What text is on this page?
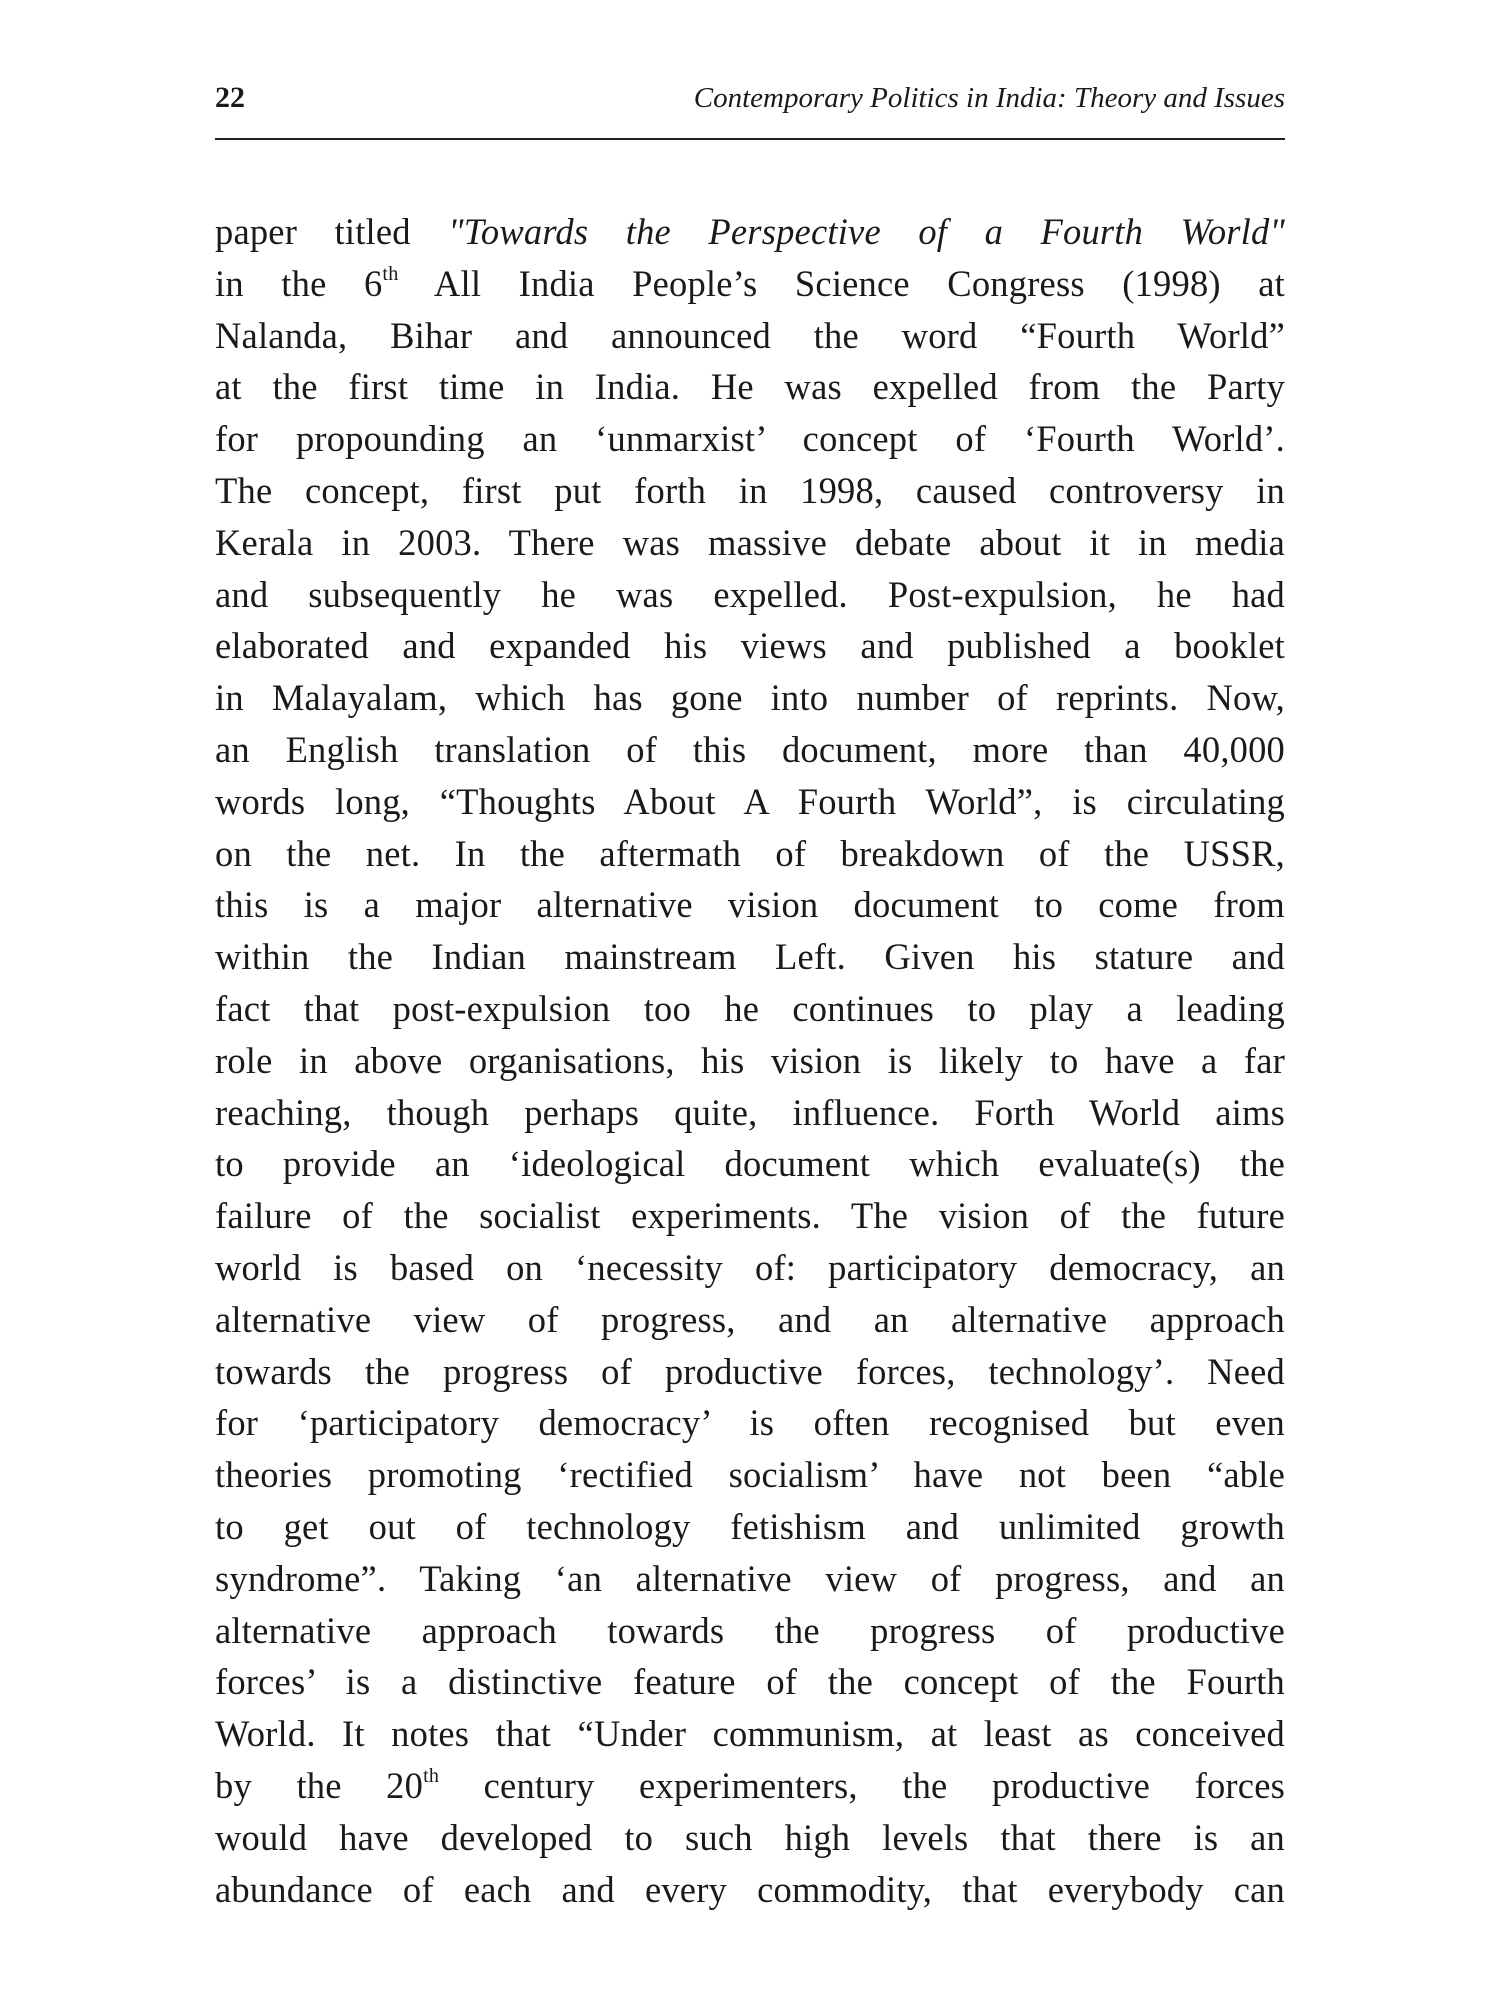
22	Contemporary Politics in India: Theory and Issues
paper titled "Towards the Perspective of a Fourth World"
in the 6th All India People’s Science Congress (1998) at
Nalanda, Bihar and announced the word “Fourth World”
at the first time in India. He was expelled from the Party
for propounding an ‘unmarxist’ concept of ‘Fourth World’.
The concept, first put forth in 1998, caused controversy in
Kerala in 2003. There was massive debate about it in media
and subsequently he was expelled. Post-expulsion, he had
elaborated and expanded his views and published a booklet
in Malayalam, which has gone into number of reprints. Now,
an English translation of this document, more than 40,000
words long, “Thoughts About A Fourth World”, is circulating
on the net. In the aftermath of breakdown of the USSR,
this is a major alternative vision document to come from
within the Indian mainstream Left. Given his stature and
fact that post-expulsion too he continues to play a leading
role in above organisations, his vision is likely to have a far
reaching, though perhaps quite, influence. Forth World aims
to provide an ‘ideological document which evaluate(s) the
failure of the socialist experiments. The vision of the future
world is based on ‘necessity of: participatory democracy, an
alternative view of progress, and an alternative approach
towards the progress of productive forces, technology’. Need
for ‘participatory democracy’ is often recognised but even
theories promoting ‘rectified socialism’ have not been “able
to get out of technology fetishism and unlimited growth
syndrome”. Taking ‘an alternative view of progress, and an
alternative approach towards the progress of productive
forces’ is a distinctive feature of the concept of the Fourth
World. It notes that “Under communism, at least as conceived
by the 20th century experimenters, the productive forces
would have developed to such high levels that there is an
abundance of each and every commodity, that everybody can
